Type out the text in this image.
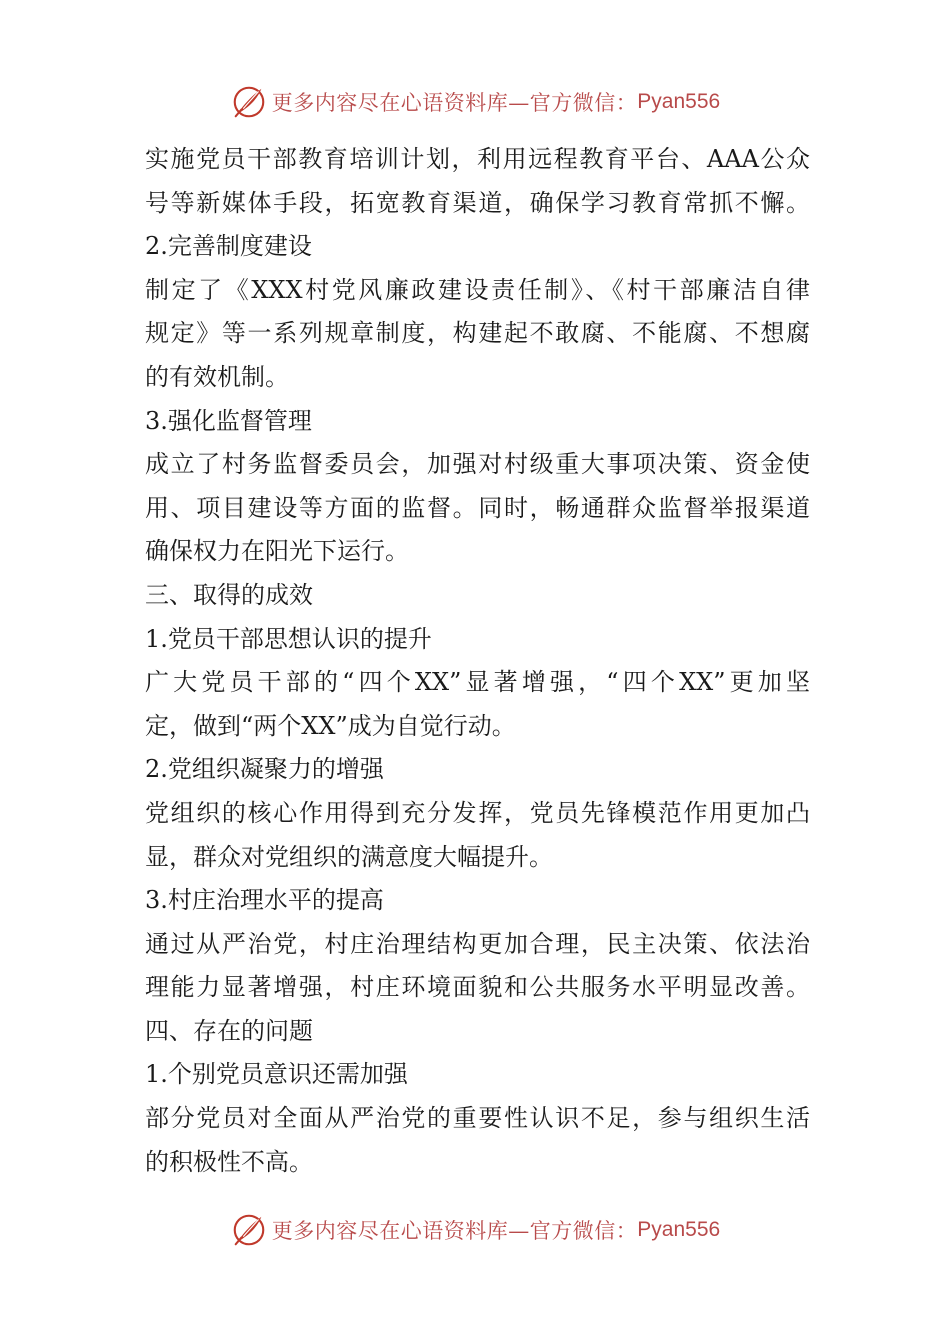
更多内容尽在心语资料库—官方微信： Pyan556
实施党员干部教育培训计划，利用远程教育平台、AAA公众
号等新媒体手段，拓宽教育渠道，确保学习教育常抓不懈。
2.完善制度建设
制定了《XXX村党风廉政建设责任制》、《村干部廉洁自律
规定》等一系列规章制度，构建起不敢腐、不能腐、不想腐
的有效机制。
3.强化监督管理
成立了村务监督委员会，加强对村级重大事项决策、资金使
用、项目建设等方面的监督。同时，畅通群众监督举报渠道
确保权力在阳光下运行。
三、取得的成效
1.党员干部思想认识的提升
广大党员干部的“四个XX”显著增强，“四个XX”更加坚
定，做到“两个XX”成为自觉行动。
2.党组织凝聚力的增强
党组织的核心作用得到充分发挥，党员先锋模范作用更加凸
显，群众对党组织的满意度大幅提升。
3.村庄治理水平的提高
通过从严治党，村庄治理结构更加合理，民主决策、依法治
理能力显著增强，村庄环境面貌和公共服务水平明显改善。
四、存在的问题
1.个别党员意识还需加强
部分党员对全面从严治党的重要性认识不足，参与组织生活
的积极性不高。
更多内容尽在心语资料库—官方微信： Pyan556
